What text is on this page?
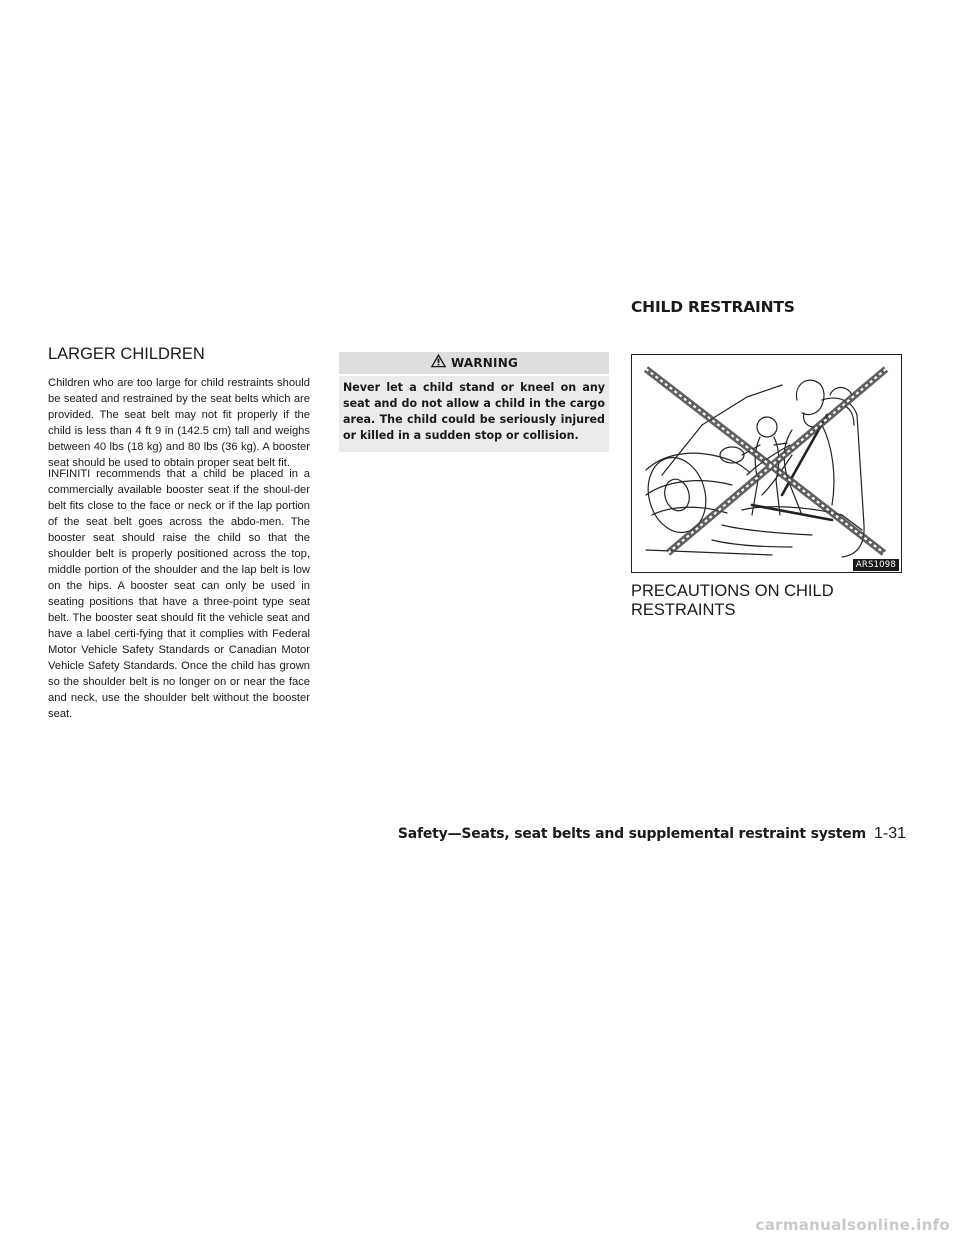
CHILD RESTRAINTS
LARGER CHILDREN

Children who are too large for child restraints should be seated and restrained by the seat belts which are provided. The seat belt may not fit properly if the child is less than 4 ft 9 in (142.5 cm) tall and weighs between 40 lbs (18 kg) and 80 lbs (36 kg). A booster seat should be used to obtain proper seat belt fit.

INFINITI recommends that a child be placed in a commercially available booster seat if the shoul-der belt fits close to the face or neck or if the lap portion of the seat belt goes across the abdo-men. The booster seat should raise the child so that the shoulder belt is properly positioned across the top, middle portion of the shoulder and the lap belt is low on the hips. A booster seat can only be used in seating positions that have a three-point type seat belt. The booster seat should fit the vehicle seat and have a label certi-fying that it complies with Federal Motor Vehicle Safety Standards or Canadian Motor Vehicle Safety Standards. Once the child has grown so the shoulder belt is no longer on or near the face and neck, use the shoulder belt without the booster seat.

WARNING
Never let a child stand or kneel on any seat and do not allow a child in the cargo area. The child could be seriously injured or killed in a sudden stop or collision.
ARS1098
PRECAUTIONS ON CHILD
RESTRAINTS
Safety—Seats, seat belts and supplemental restraint system 1-31
carmanualsonline.info
